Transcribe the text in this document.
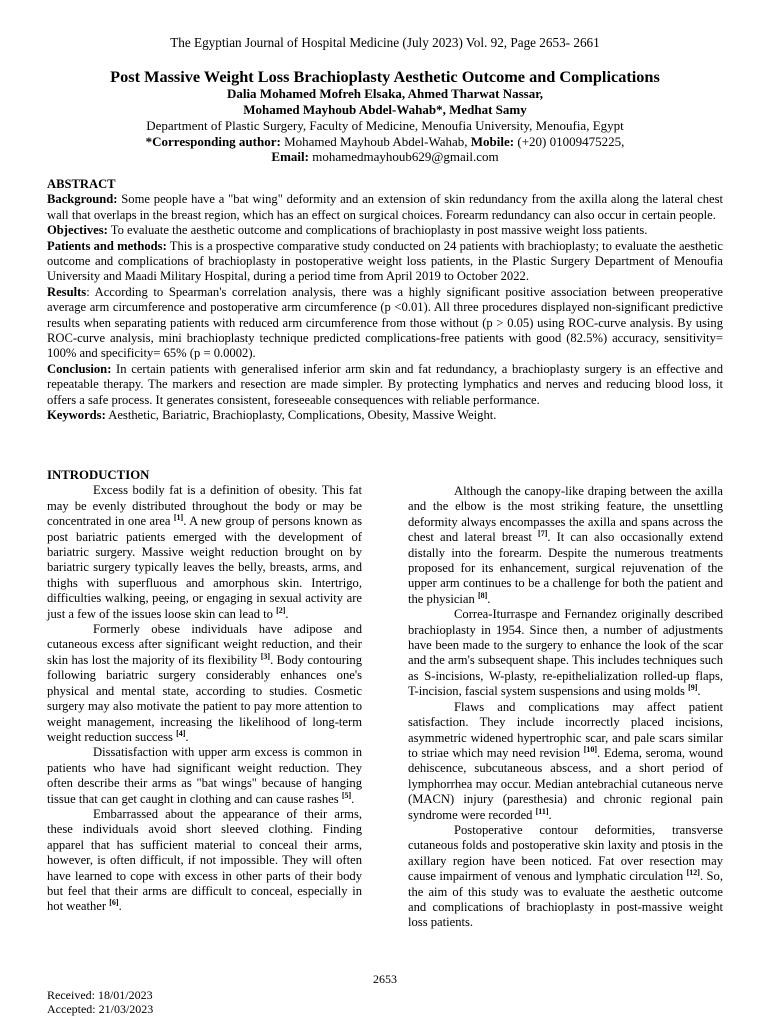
The Egyptian Journal of Hospital Medicine (July 2023) Vol. 92, Page 2653- 2661
Post Massive Weight Loss Brachioplasty Aesthetic Outcome and Complications
Dalia Mohamed Mofreh Elsaka, Ahmed Tharwat Nassar,
Mohamed Mayhoub Abdel-Wahab*, Medhat Samy
Department of Plastic Surgery, Faculty of Medicine, Menoufia University, Menoufia, Egypt
*Corresponding author: Mohamed Mayhoub Abdel-Wahab, Mobile: (+20) 01009475225,
Email: mohamedmayhoub629@gmail.com

ABSTRACT

Background: Some people have a "bat wing" deformity and an extension of skin redundancy from the axilla along the lateral chest wall that overlaps in the breast region, which has an effect on surgical choices. Forearm redundancy can also occur in certain people.

Objectives: To evaluate the aesthetic outcome and complications of brachioplasty in post massive weight loss patients.

Patients and methods: This is a prospective comparative study conducted on 24 patients with brachioplasty; to evaluate the aesthetic outcome and complications of brachioplasty in postoperative weight loss patients, in the Plastic Surgery Department of Menoufia University and Maadi Military Hospital, during a period time from April 2019 to October 2022.

Results: According to Spearman's correlation analysis, there was a highly significant positive association between preoperative average arm circumference and postoperative arm circumference (p <0.01). All three procedures displayed non-significant predictive results when separating patients with reduced arm circumference from those without (p > 0.05) using ROC-curve analysis. By using ROC-curve analysis, mini brachioplasty technique predicted complications-free patients with good (82.5%) accuracy, sensitivity= 100% and specificity= 65% (p = 0.0002).

Conclusion: In certain patients with generalised inferior arm skin and fat redundancy, a brachioplasty surgery is an effective and repeatable therapy. The markers and resection are made simpler. By protecting lymphatics and nerves and reducing blood loss, it offers a safe process. It generates consistent, foreseeable consequences with reliable performance.

Keywords: Aesthetic, Bariatric, Brachioplasty, Complications, Obesity, Massive Weight.

INTRODUCTION

Excess bodily fat is a definition of obesity. This fat may be evenly distributed throughout the body or may be concentrated in one area [1]. A new group of persons known as post bariatric patients emerged with the development of bariatric surgery. Massive weight reduction brought on by bariatric surgery typically leaves the belly, breasts, arms, and thighs with superfluous and amorphous skin. Intertrigo, difficulties walking, peeing, or engaging in sexual activity are just a few of the issues loose skin can lead to [2].

Formerly obese individuals have adipose and cutaneous excess after significant weight reduction, and their skin has lost the majority of its flexibility [3]. Body contouring following bariatric surgery considerably enhances one's physical and mental state, according to studies. Cosmetic surgery may also motivate the patient to pay more attention to weight management, increasing the likelihood of long-term weight reduction success [4].

Dissatisfaction with upper arm excess is common in patients who have had significant weight reduction. They often describe their arms as "bat wings" because of hanging tissue that can get caught in clothing and can cause rashes [5].

Embarrassed about the appearance of their arms, these individuals avoid short sleeved clothing. Finding apparel that has sufficient material to conceal their arms, however, is often difficult, if not impossible. They will often have learned to cope with excess in other parts of their body but feel that their arms are difficult to conceal, especially in hot weather [6].

Although the canopy-like draping between the axilla and the elbow is the most striking feature, the unsettling deformity always encompasses the axilla and spans across the chest and lateral breast [7]. It can also occasionally extend distally into the forearm. Despite the numerous treatments proposed for its enhancement, surgical rejuvenation of the upper arm continues to be a challenge for both the patient and the physician [8].

Correa-Iturraspe and Fernandez originally described brachioplasty in 1954. Since then, a number of adjustments have been made to the surgery to enhance the look of the scar and the arm's subsequent shape. This includes techniques such as S-incisions, W-plasty, re-epithelialization rolled-up flaps, T-incision, fascial system suspensions and using molds [9].

Flaws and complications may affect patient satisfaction. They include incorrectly placed incisions, asymmetric widened hypertrophic scar, and pale scars similar to striae which may need revision [10]. Edema, seroma, wound dehiscence, subcutaneous abscess, and a short period of lymphorrhea may occur. Median antebrachial cutaneous nerve (MACN) injury (paresthesia) and chronic regional pain syndrome were recorded [11].

Postoperative contour deformities, transverse cutaneous folds and postoperative skin laxity and ptosis in the axillary region have been noticed. Fat over resection may cause impairment of venous and lymphatic circulation [12]. So, the aim of this study was to evaluate the aesthetic outcome and complications of brachioplasty in post-massive weight loss patients.

2653
Received: 18/01/2023
Accepted: 21/03/2023
